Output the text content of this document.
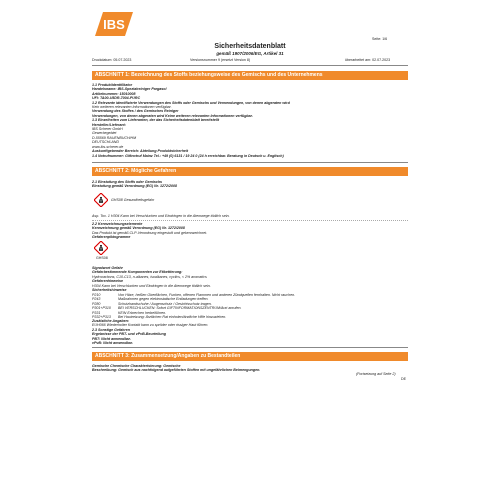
IBS
Seite: 1/6
Sicherheitsdatenblatt
gemäß 1907/2006/EG, Artikel 31
Druckdatum: 05.07.2023	Versionsnummer 9 (ersetzt Version 8)	überarbeitet am: 02.07.2023
ABSCHNITT 1: Bezeichnung des Stoffs beziehungsweise des Gemischs und des Unternehmens
1.1 Produktidentifikator
Handelsname: IBS-Spezialreiniger Pargasol
Artikelnummer: 15010008
UFI: TA00-U5DR-7004-PURC
1.2 Relevante identifizierte Verwendungen des Stoffs oder Gemischs und Verwendungen, von denen abgeraten wird
Kein weiteren relevanten Informationen verfügbar.
Verwendung des Stoffes / des Gemisches Reiniger
Verwendungen, von denen abgeraten wird Keine weiteren relevanten Informationen verfügbar.
1.3 Einzelheiten zum Lieferanten, der das Sicherheitsdatenblatt bereitstellt
Hersteller/Lieferant:
IBS Scherer GmbH
Gewerbegebiet
D-55569 RAUENBUCH/HM
DEUTSCHLAND
www.ibs-scherer.de
Auskunftgebender Bereich: Abteilung Produktsicherheit
1.4 Notrufnummer: Giftnotruf Mainz Tel.: +49 (0) 6131 / 19 24 0 (24 h erreichbar. Beratung in Deutsch u. Englisch)
ABSCHNITT 2: Mögliche Gefahren
2.1 Einstufung des Stoffs oder Gemischs
Einstufung gemäß Verordnung (EG) Nr. 1272/2008
GHS08 Gesundheitsgefahr
Asp. Tox. 1 H304 Kann bei Verschlucken und Eindringen in die Atemwege tödlich sein.
2.2 Kennzeichnungselemente
Kennzeichnung gemäß Verordnung (EG) Nr. 1272/2008
Das Produkt ist gemäß CLP-Verordnung eingestuft und gekennzeichnet.
Gefahrenpiktogramme
GHS08
Signalwort Gefahr
Gefahrbestimmende Komponenten zur Etikettierung:
Hydrocarbons, C10-C13, n-alkanes, isoalkanes, cyclics, < 2% aromatics
Gefahrenhinweise
H304 Kann bei Verschlucken und Eindringen in die Atemwege tödlich sein.
Sicherheitshinweise
P210	Von Hitze, heißen Oberflächen, Funken, offenen Flammen und anderen Zündquellen fernhalten. Nicht rauchen.
P243	Maßnahmen gegen elektrostatische Entladungen treffen.
P280	Schutzhandschuhe / Augenschutz / Gesichtsschutz tragen.
P301+P310 BEI VERSCHLUCKEN: Sofort GIFTINFORMATIONSZENTRUM/Arzt anrufen.
P331	KEIN Erbrechen herbeiführen.
P332+P313 Bei Hautreizung: Ärztlichen Rat einholen/ärztliche Hilfe hinzuziehen.
Zusätzliche Angaben:
EUH066 Wiederholter Kontakt kann zu spröder oder rissiger Haut führen.
2.3 Sonstige Gefahren
Ergebnisse der PBT- und vPvB-Beurteilung
PBT: Nicht anwendbar.
vPvB: Nicht anwendbar.
ABSCHNITT 3: Zusammensetzung/Angaben zu Bestandteilen
Gemische Chemische Charakterisierung: Gemische
Beschreibung: Gemisch aus nachfolgend aufgeführten Stoffen mit ungefährlichen Beimengungen.
(Fortsetzung auf Seite 2)
DE
